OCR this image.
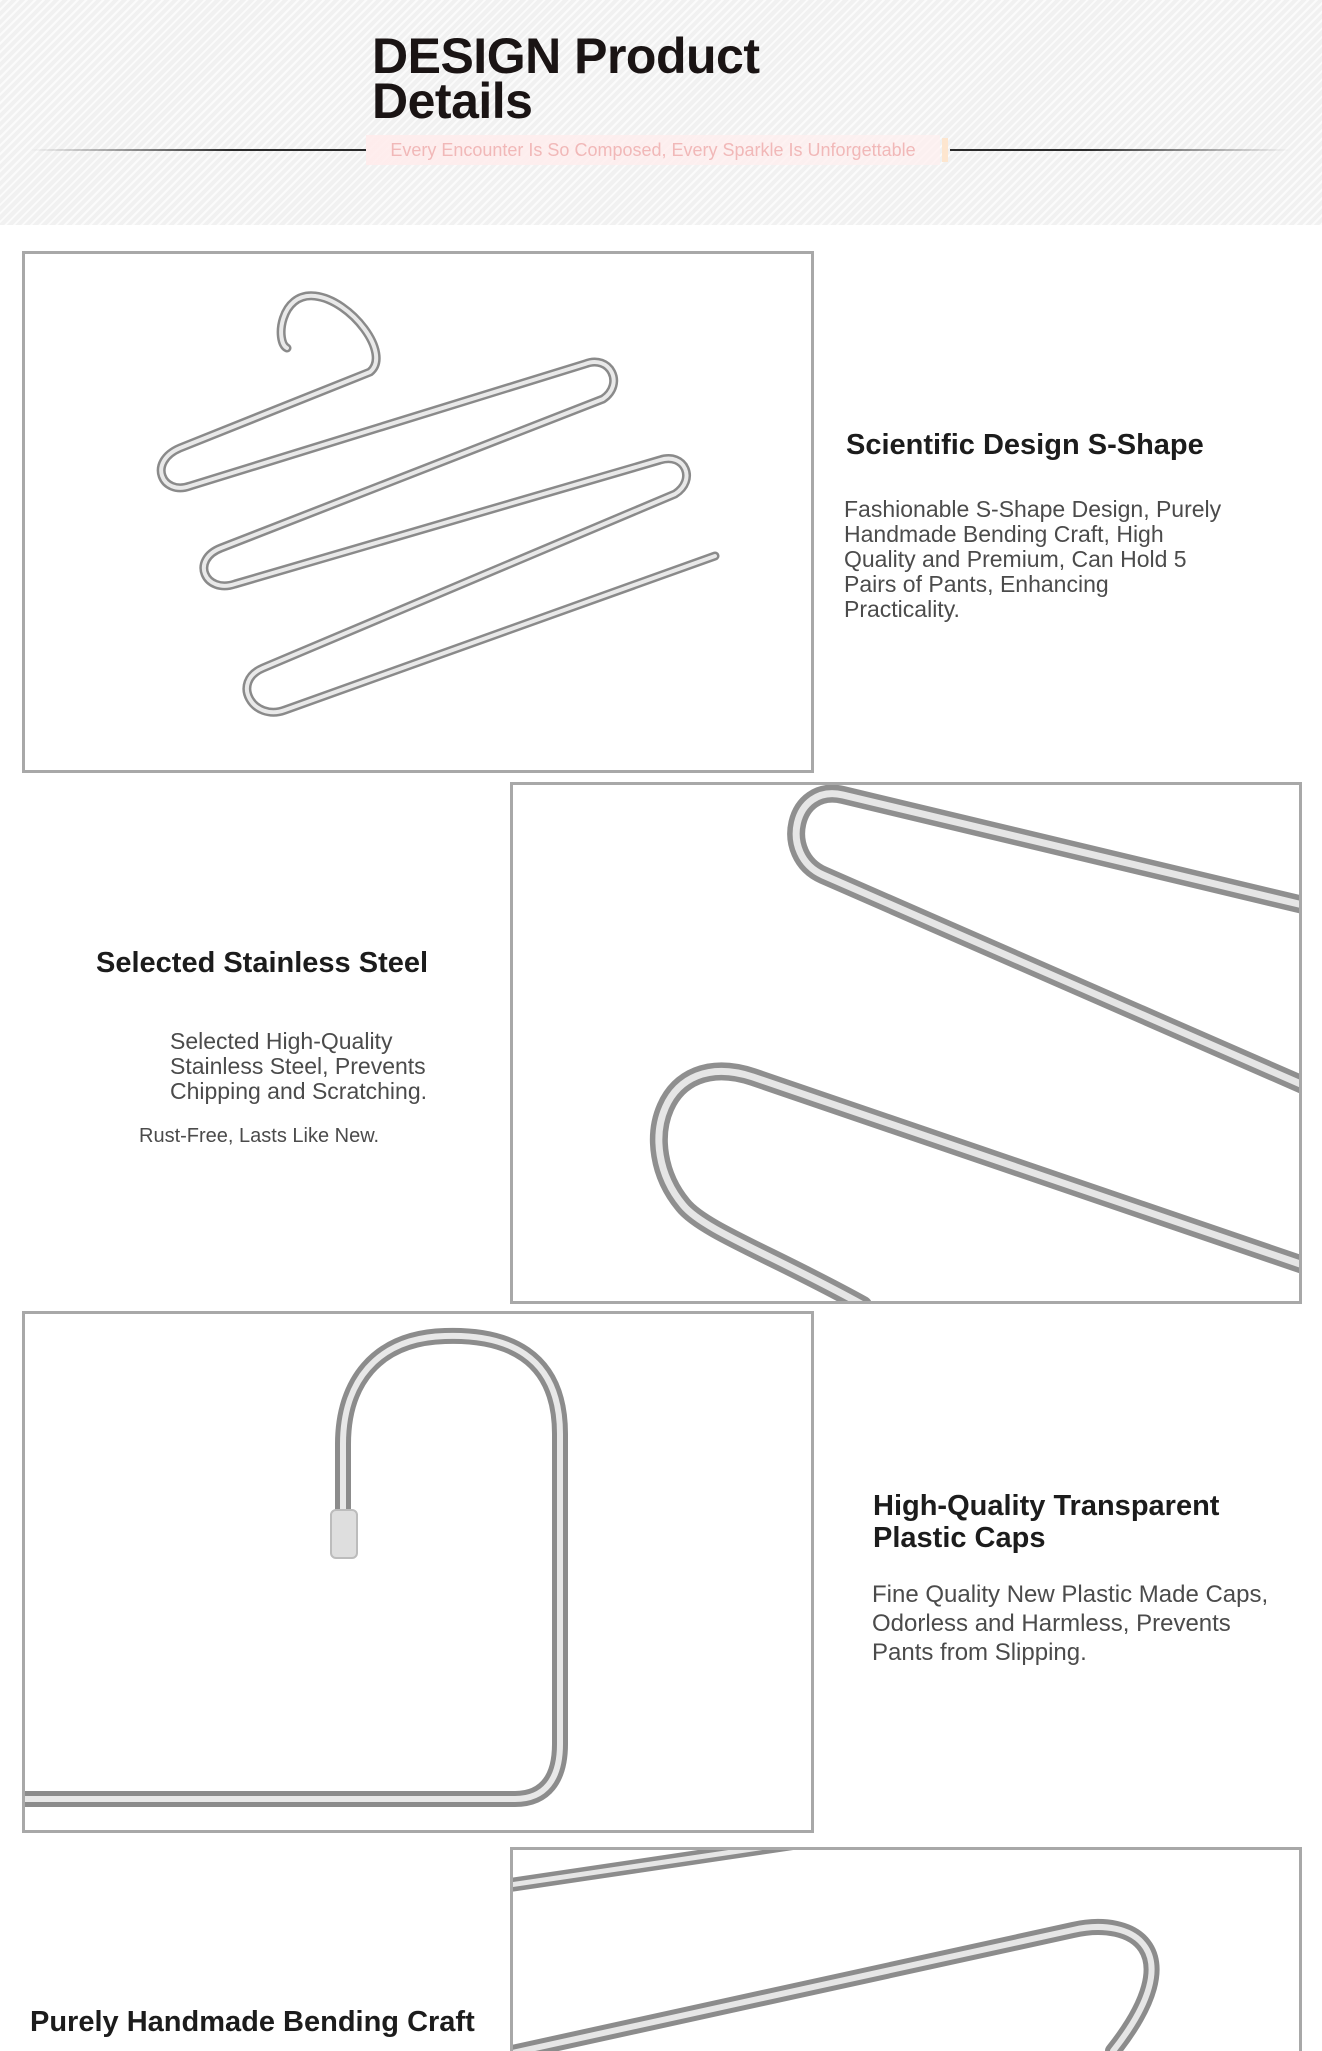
DESIGN Product
Details
Every Encounter Is So Composed, Every Sparkle Is Unforgettable
Scientific Design S-Shape

Fashionable S-Shape Design, Purely Handmade Bending Craft, High Quality and Premium, Can Hold 5 Pairs of Pants, Enhancing Practicality.

Selected Stainless Steel

Selected High-Quality Stainless Steel, Prevents Chipping and Scratching.

Rust-Free, Lasts Like New.

High-Quality Transparent Plastic Caps

Fine Quality New Plastic Made Caps, Odorless and Harmless, Prevents Pants from Slipping.

Purely Handmade Bending Craft
